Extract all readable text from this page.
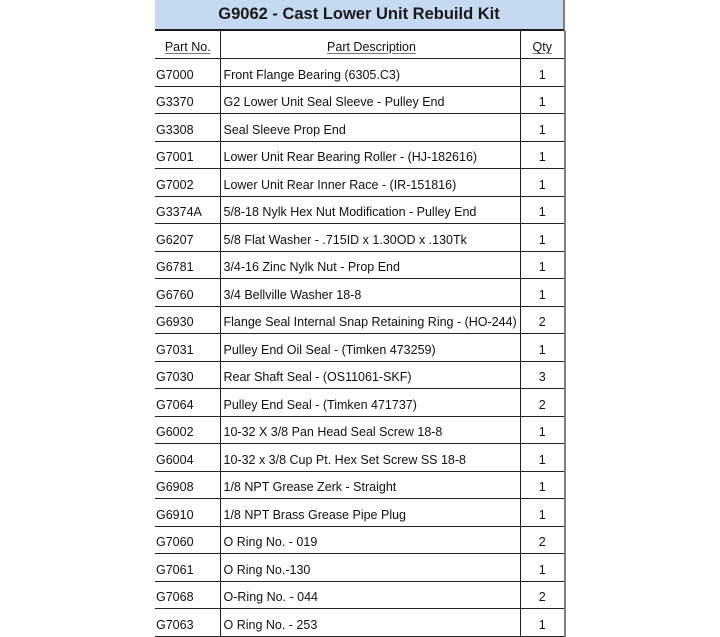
G9062 - Cast Lower Unit Rebuild Kit
Part No.	Part Description	Qty
G7000	Front Flange Bearing (6305.C3)	1
G3370	G2 Lower Unit Seal Sleeve - Pulley End	1
G3308	Seal Sleeve Prop End	1
G7001	Lower Unit Rear Bearing Roller - (HJ-182616)	1
G7002	Lower Unit Rear Inner Race - (IR-151816)	1
G3374A	5/8-18 Nylk Hex Nut Modification - Pulley End	1
G6207	5/8 Flat Washer - .715ID x 1.30OD x .130Tk	1
G6781	3/4-16 Zinc Nylk Nut - Prop End	1
G6760	3/4 Bellville Washer 18-8	1
G6930	Flange Seal Internal Snap Retaining Ring - (HO-244)	2
G7031	Pulley End Oil Seal - (Timken 473259)	1
G7030	Rear Shaft Seal - (OS11061-SKF)	3
G7064	Pulley End Seal - (Timken 471737)	2
G6002	10-32 X 3/8 Pan Head Seal Screw 18-8	1
G6004	10-32 x 3/8 Cup Pt. Hex Set Screw SS 18-8	1
G6908	1/8 NPT Grease Zerk - Straight	1
G6910	1/8 NPT Brass Grease Pipe Plug	1
G7060	O Ring No. - 019	2
G7061	O Ring No.-130	1
G7068	O-Ring No. - 044	2
G7063	O Ring No. - 253	1
